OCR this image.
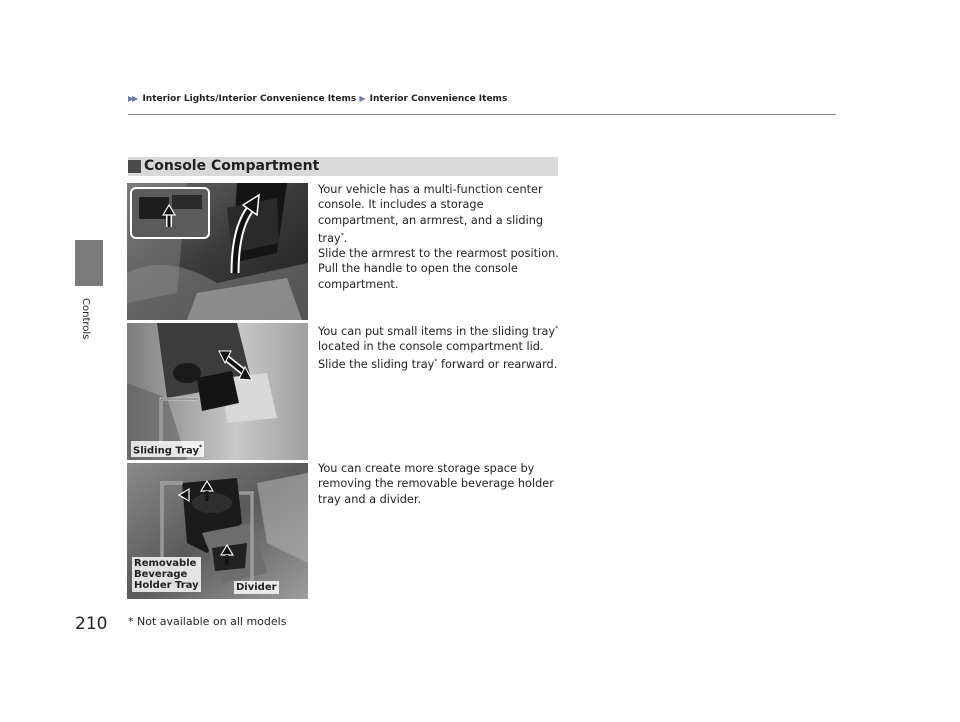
▶▶ Interior Lights/Interior Convenience Items ▶ Interior Convenience Items
Controls
210
Console Compartment
Sliding Tray*
Removable
Beverage
Holder Tray	Divider
Your vehicle has a multi-function center console. It includes a storage compartment, an armrest, and a sliding tray*.
Slide the armrest to the rearmost position. Pull the handle to open the console compartment.
You can put small items in the sliding tray* located in the console compartment lid. Slide the sliding tray* forward or rearward.
You can create more storage space by removing the removable beverage holder tray and a divider.
* Not available on all models
